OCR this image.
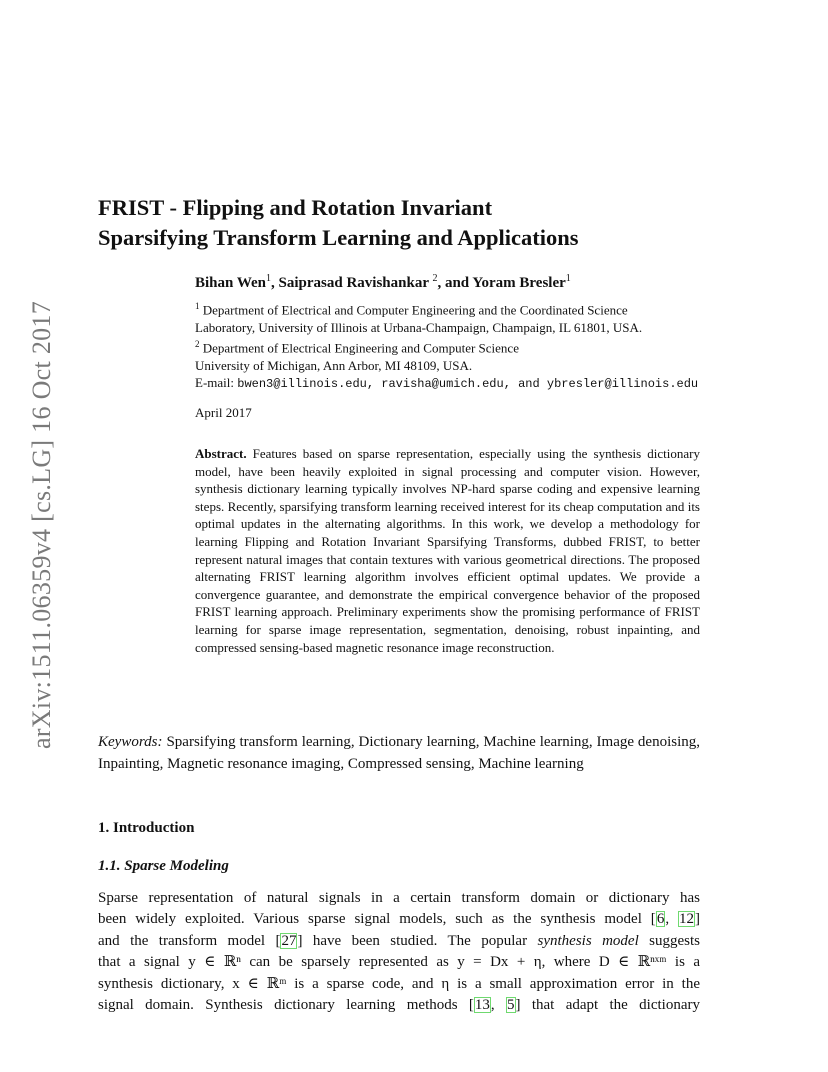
arXiv:1511.06359v4 [cs.LG] 16 Oct 2017
FRIST - Flipping and Rotation Invariant
Sparsifying Transform Learning and Applications
Bihan Wen$^1$, Saiprasad Ravishankar $^2$, and Yoram Bresler$^1$
$^1$ Department of Electrical and Computer Engineering and the Coordinated Science
Laboratory, University of Illinois at Urbana-Champaign, Champaign, IL 61801, USA.
$^2$ Department of Electrical Engineering and Computer Science
University of Michigan, Ann Arbor, MI 48109, USA.
E-mail: bwen3@illinois.edu, ravisha@umich.edu, and ybresler@illinois.edu
April 2017

Abstract. Features based on sparse representation, especially using the synthesis dictionary model, have been heavily exploited in signal processing and computer vision. However, synthesis dictionary learning typically involves NP-hard sparse coding and expensive learning steps. Recently, sparsifying transform learning received interest for its cheap computation and its optimal updates in the alternating algorithms. In this work, we develop a methodology for learning Flipping and Rotation Invariant Sparsifying Transforms, dubbed FRIST, to better represent natural images that contain textures with various geometrical directions. The proposed alternating FRIST learning algorithm involves efficient optimal updates. We provide a convergence guarantee, and demonstrate the empirical convergence behavior of the proposed FRIST learning approach. Preliminary experiments show the promising performance of FRIST learning for sparse image representation, segmentation, denoising, robust inpainting, and compressed sensing-based magnetic resonance image reconstruction.

Keywords: Sparsifying transform learning, Dictionary learning, Machine learning, Image denoising, Inpainting, Magnetic resonance imaging, Compressed sensing, Machine learning

1. Introduction
1.1. Sparse Modeling
Sparse representation of natural signals in a certain transform domain or dictionary has
been widely exploited. Various sparse signal models, such as the synthesis model [6, 12]
and the transform model [27] have been studied. The popular synthesis model suggests
that a signal y ∈ ℝⁿ can be sparsely represented as y = Dx + η, where D ∈ ℝⁿˣᵐ is a
synthesis dictionary, x ∈ ℝᵐ is a sparse code, and η is a small approximation error in the
signal domain. Synthesis dictionary learning methods [13, 5] that adapt the dictionary
